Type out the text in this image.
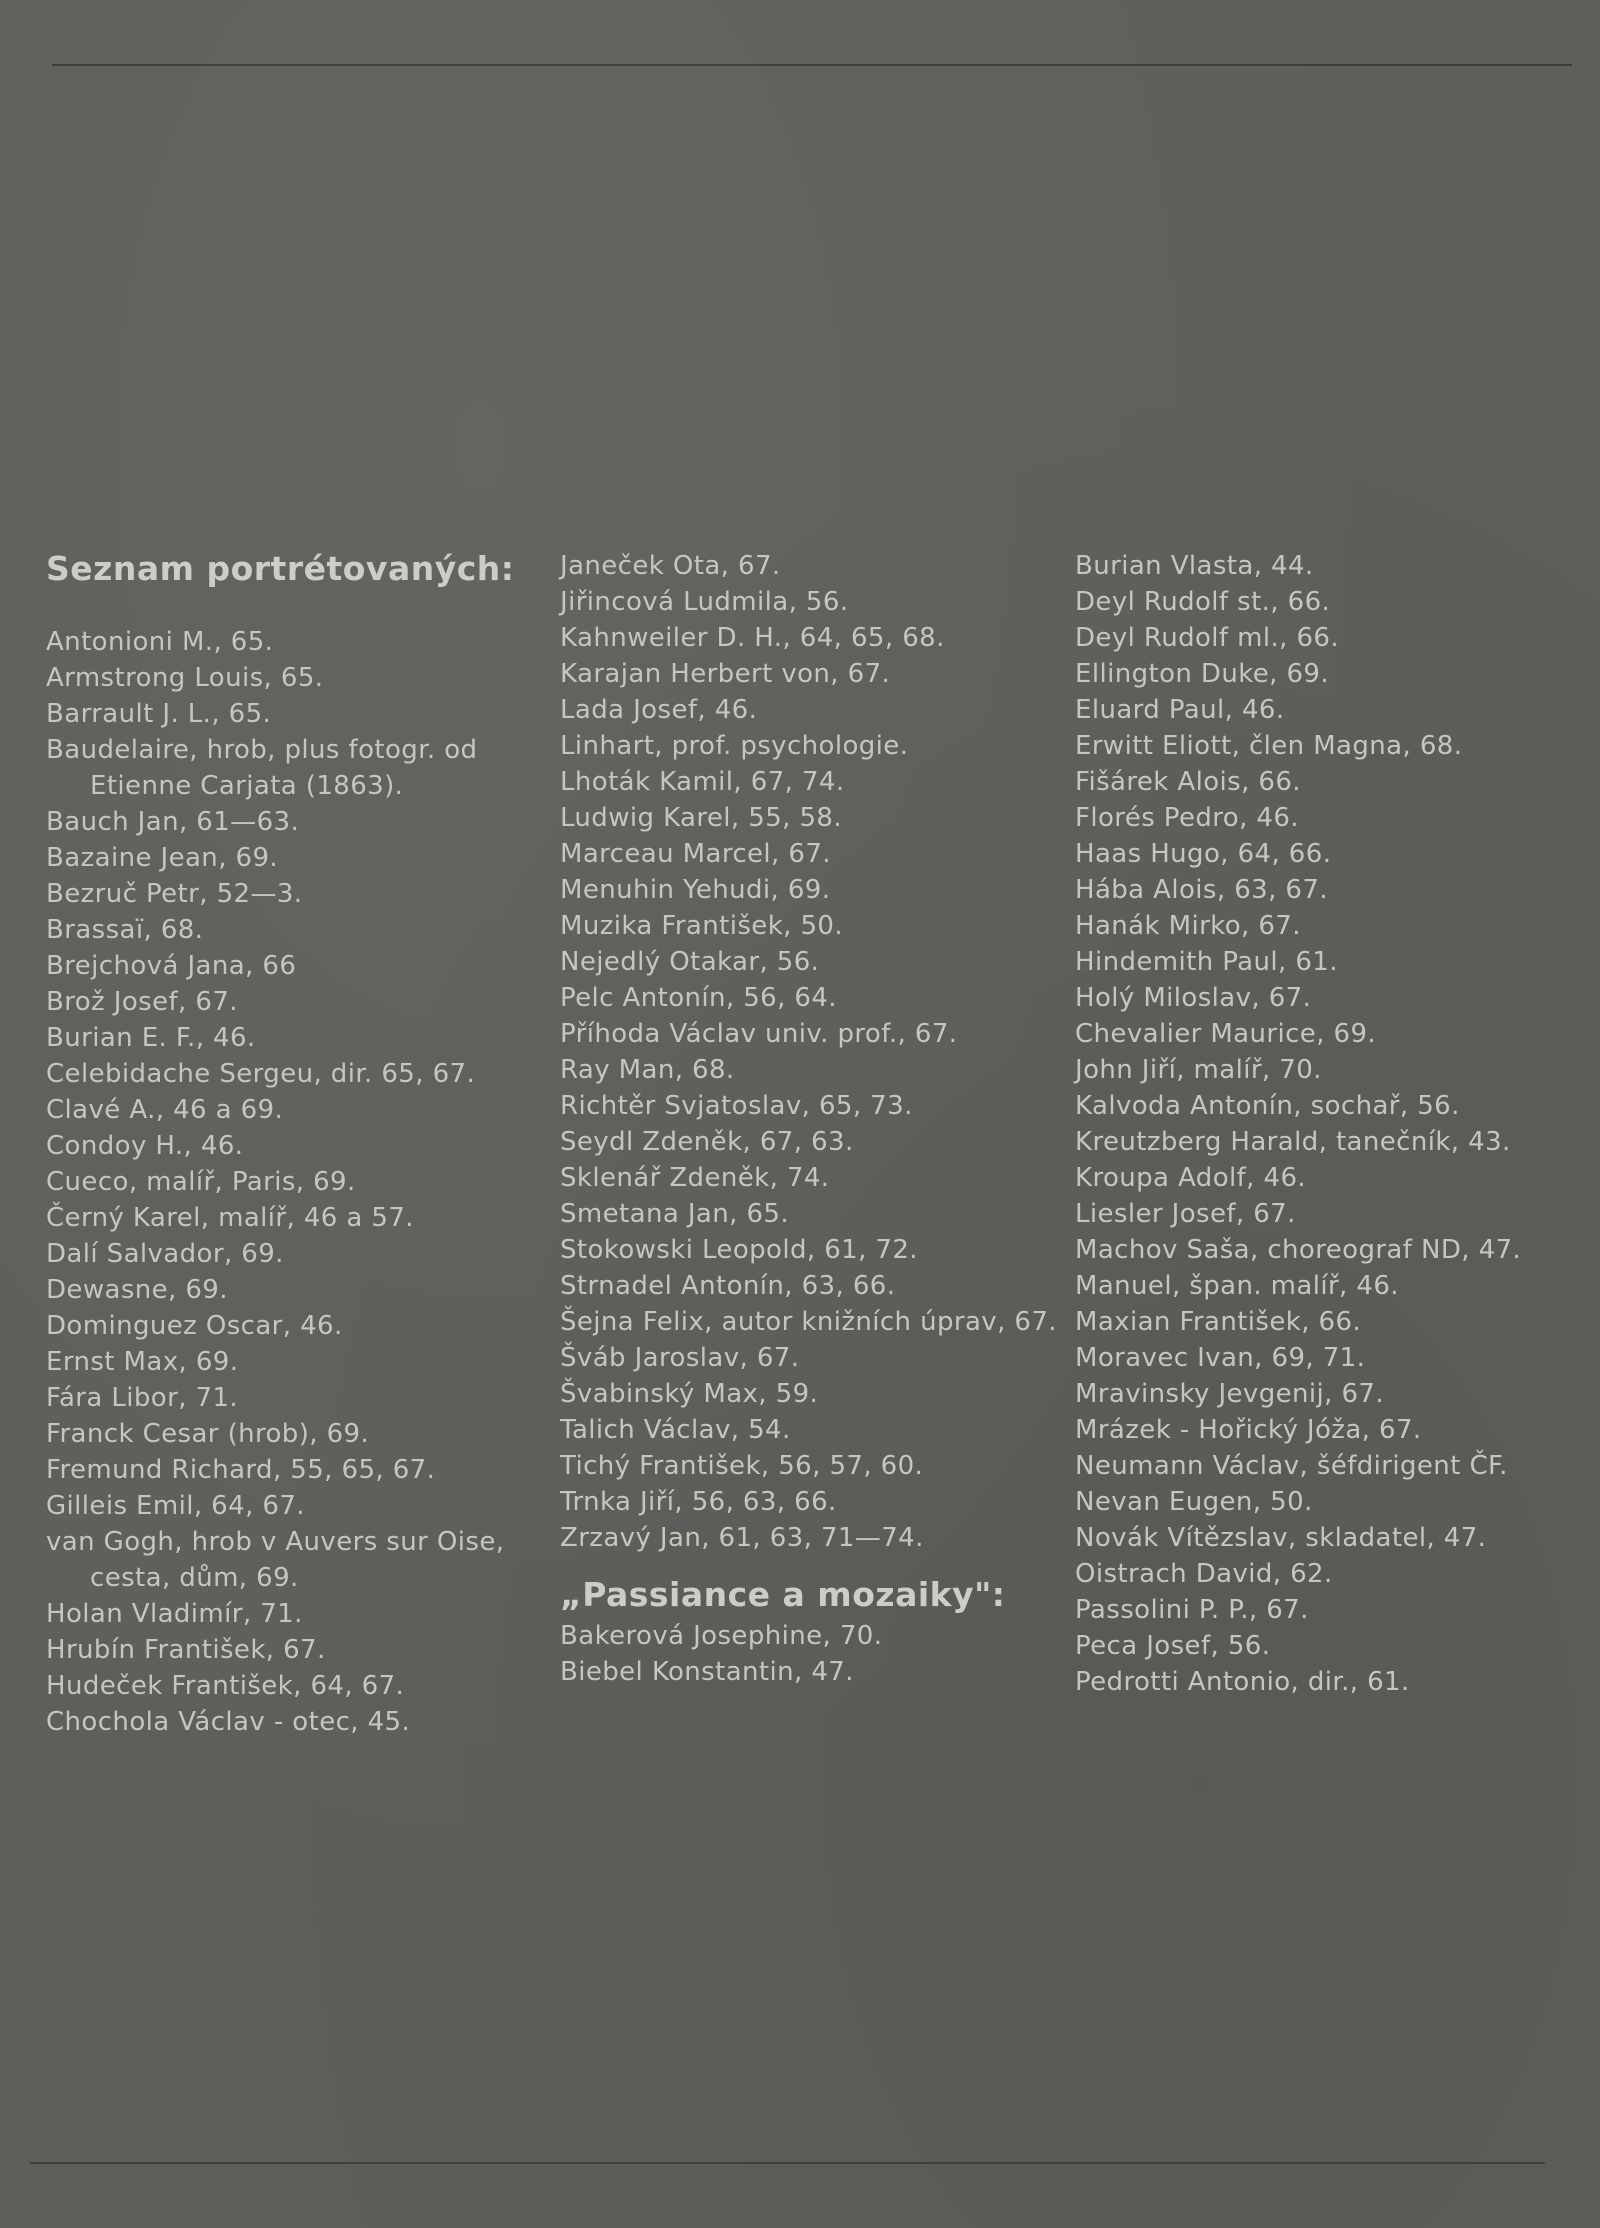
Seznam portrétovaných:
Antonioni M., 65.
Armstrong Louis, 65.
Barrault J. L., 65.
Baudelaire, hrob, plus fotogr. od Etienne Carjata (1863).
Bauch Jan, 61—63.
Bazaine Jean, 69.
Bezruč Petr, 52—3.
Brassaï, 68.
Brejchová Jana, 66
Brož Josef, 67.
Burian E. F., 46.
Celebidache Sergeu, dir. 65, 67.
Clavé A., 46 a 69.
Condoy H., 46.
Cueco, malíř, Paris, 69.
Černý Karel, malíř, 46 a 57.
Dalí Salvador, 69.
Dewasne, 69.
Dominguez Oscar, 46.
Ernst Max, 69.
Fára Libor, 71.
Franck Cesar (hrob), 69.
Fremund Richard, 55, 65, 67.
Gilleis Emil, 64, 67.
van Gogh, hrob v Auvers sur Oise, cesta, dům, 69.
Holan Vladimír, 71.
Hrubín František, 67.
Hudeček František, 64, 67.
Chochola Václav - otec, 45.
Janeček Ota, 67.
Jiřincová Ludmila, 56.
Kahnweiler D. H., 64, 65, 68.
Karajan Herbert von, 67.
Lada Josef, 46.
Linhart, prof. psychologie.
Lhoták Kamil, 67, 74.
Ludwig Karel, 55, 58.
Marceau Marcel, 67.
Menuhin Yehudi, 69.
Muzika František, 50.
Nejedlý Otakar, 56.
Pelc Antonín, 56, 64.
Příhoda Václav univ. prof., 67.
Ray Man, 68.
Richtěr Svjatoslav, 65, 73.
Seydl Zdeněk, 67, 63.
Sklenář Zdeněk, 74.
Smetana Jan, 65.
Stokowski Leopold, 61, 72.
Strnadel Antonín, 63, 66.
Šejna Felix, autor knižních úprav, 67.
Šváb Jaroslav, 67.
Švabinský Max, 59.
Talich Václav, 54.
Tichý František, 56, 57, 60.
Trnka Jiří, 56, 63, 66.
Zrzavý Jan, 61, 63, 71—74.
„Passiance a mozaiky":
Bakerová Josephine, 70.
Biebel Konstantin, 47.
Burian Vlasta, 44.
Deyl Rudolf st., 66.
Deyl Rudolf ml., 66.
Ellington Duke, 69.
Eluard Paul, 46.
Erwitt Eliott, člen Magna, 68.
Fišárek Alois, 66.
Florés Pedro, 46.
Haas Hugo, 64, 66.
Hába Alois, 63, 67.
Hanák Mirko, 67.
Hindemith Paul, 61.
Holý Miloslav, 67.
Chevalier Maurice, 69.
John Jiří, malíř, 70.
Kalvoda Antonín, sochař, 56.
Kreutzberg Harald, tanečník, 43.
Kroupa Adolf, 46.
Liesler Josef, 67.
Machov Saša, choreograf ND, 47.
Manuel, špan. malíř, 46.
Maxian František, 66.
Moravec Ivan, 69, 71.
Mravinsky Jevgenij, 67.
Mrázek - Hořický Jóža, 67.
Neumann Václav, šéfdirigent ČF.
Nevan Eugen, 50.
Novák Vítězslav, skladatel, 47.
Oistrach David, 62.
Passolini P. P., 67.
Peca Josef, 56.
Pedrotti Antonio, dir., 61.
